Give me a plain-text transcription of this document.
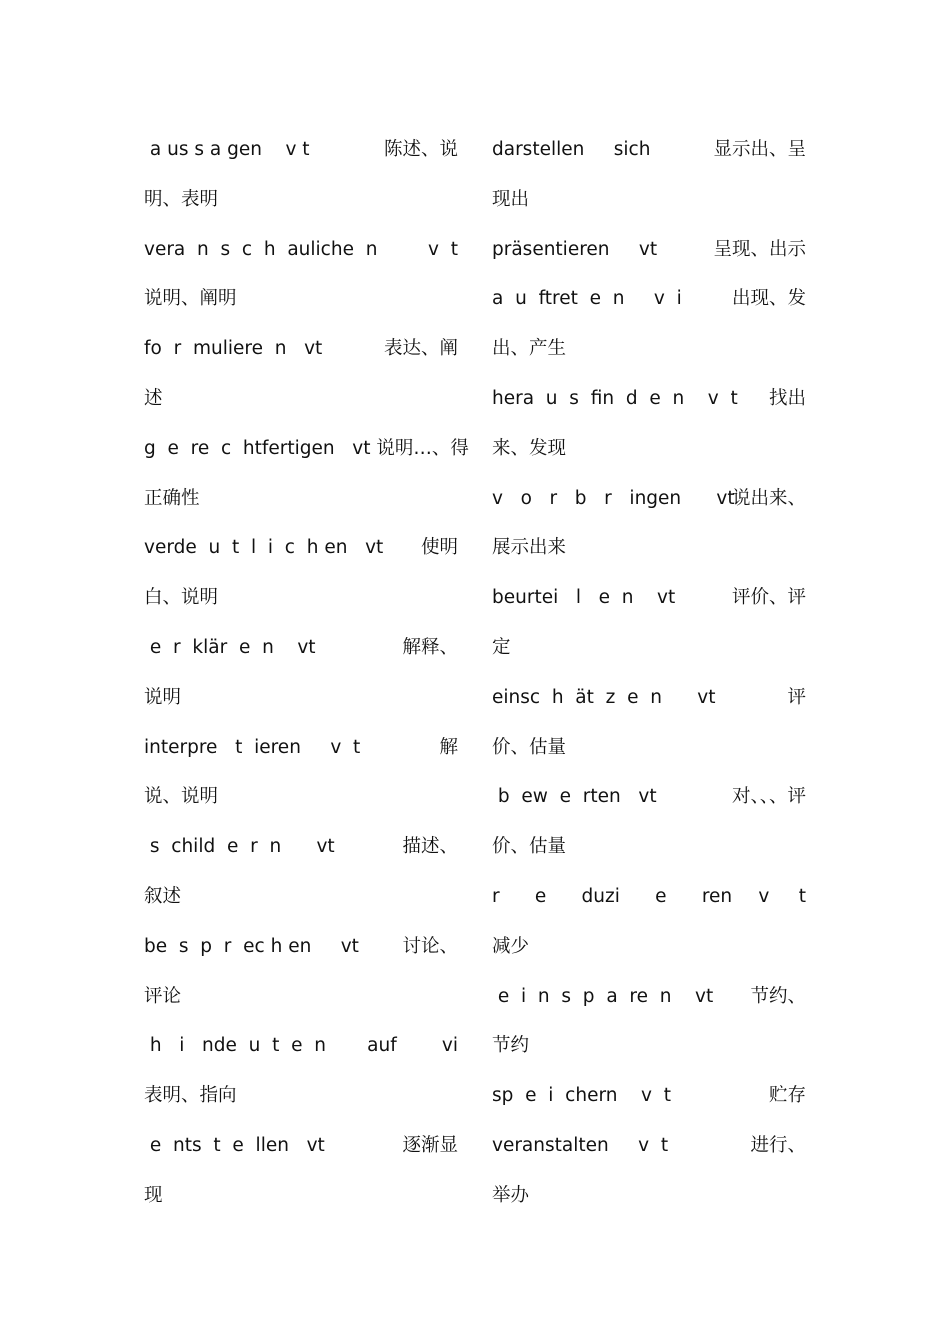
a us s a gen    v t	陈述、说
明、表明
vera  n  s  c  h  auliche  n	v  t
说明、阐明
fo  r  muliere  n   vt	表达、阐
述
g  e  re  c  htfertigen   vt 说明…、得
正确性
verde  u  t  l  i  c  h en   vt 使明
白、说明
e  r  klär  e  n    vt	解释、
说明
interpre   t  ieren     v  t	解
说、说明
s  child  e  r  n      vt	描述、
叙述
be  s  p  r  ec h en     vt 讨论、
评论
h   i   nde  u  t  e  n       auf vi
表明、指向
e  nts  t  e  llen   vt	逐渐显
现
darstellen     sich	显示出、呈
现出
präsentieren     vt	呈现、出示
a  u  ftret  e  n     v  i	出现、发
出、产生
hera  u  s  fin  d  e  n    v  t 找出
来、发现
v   o   r   b   r   ingen      vt
说出来、
展示出来
beurtei   l   e  n    vt	评价、评
定
einsc  h  ät  z  e  n      vt	评
价、估量
b  ew  e  rten   vt	对、、、评
价、估量
r      e      duzi      e      ren v     t
减少
e  i  n  s  p  a  re  n    vt 节约、
节约
sp  e  i  chern    v  t	贮存
veranstalten     v  t	进行、
举办
